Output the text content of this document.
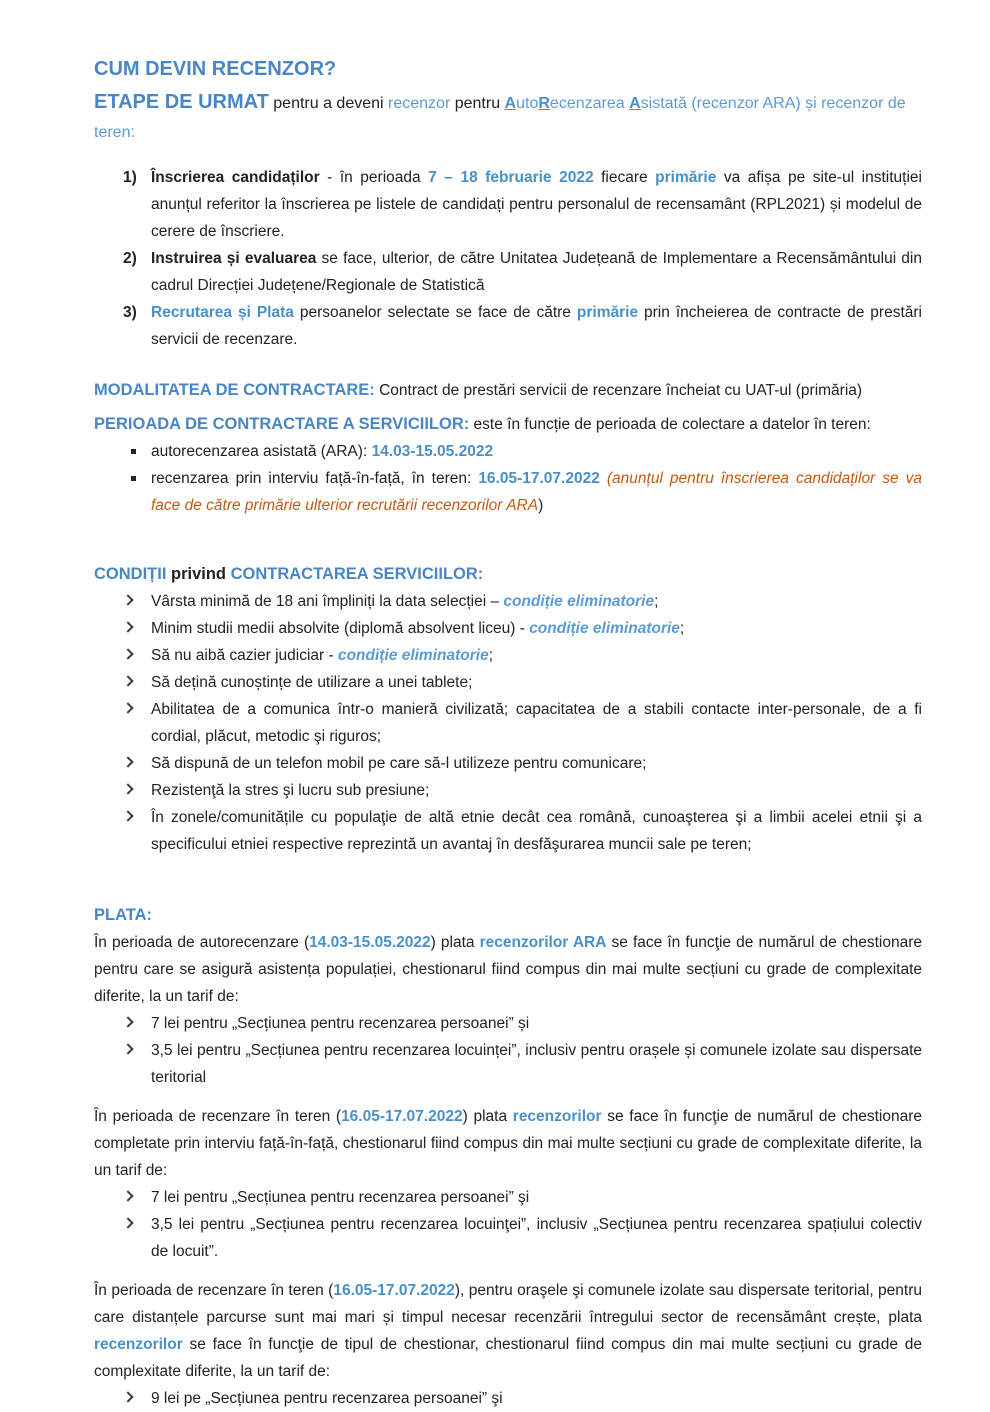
CUM DEVIN RECENZOR?
ETAPE DE URMAT pentru a deveni recenzor pentru AutoRecenzarea Asistată (recenzor ARA) și recenzor de teren:
1) Înscrierea candidaților - în perioada 7 – 18 februarie 2022 fiecare primărie va afișa pe site-ul instituției anunțul referitor la înscrierea pe listele de candidați pentru personalul de recensamânt (RPL2021) și modelul de cerere de înscriere.
2) Instruirea și evaluarea se face, ulterior, de către Unitatea Județeană de Implementare a Recensământului din cadrul Direcției Județene/Regionale de Statistică
3) Recrutarea și Plata persoanelor selectate se face de către primărie prin încheierea de contracte de prestări servicii de recenzare.
MODALITATEA DE CONTRACTARE: Contract de prestări servicii de recenzare încheiat cu UAT-ul (primăria)
PERIOADA DE CONTRACTARE A SERVICIILOR: este în funcție de perioada de colectare a datelor în teren:
autorecenzarea asistată (ARA): 14.03-15.05.2022
recenzarea prin interviu față-în-față, în teren: 16.05-17.07.2022 (anunțul pentru înscrierea candidaților se va face de către primărie ulterior recrutării recenzorilor ARA)
CONDIȚII privind CONTRACTAREA SERVICIILOR:
Vârsta minimă de 18 ani împliniți la data selecției – condiție eliminatorie;
Minim studii medii absolvite (diplomă absolvent liceu) - condiție eliminatorie;
Să nu aibă cazier judiciar - condiție eliminatorie;
Să dețină cunoștințe de utilizare a unei tablete;
Abilitatea de a comunica într-o manieră civilizată; capacitatea de a stabili contacte inter-personale, de a fi cordial, plăcut, metodic şi riguros;
Să dispună de un telefon mobil pe care să-l utilizeze pentru comunicare;
Rezistenţă la stres şi lucru sub presiune;
În zonele/comunitățile cu populaţie de altă etnie decât cea română, cunoaşterea şi a limbii acelei etnii şi a specificului etniei respective reprezintă un avantaj în desfăşurarea muncii sale pe teren;
PLATA:
În perioada de autorecenzare (14.03-15.05.2022) plata recenzorilor ARA se face în funcţie de numărul de chestionare pentru care se asigură asistența populației, chestionarul fiind compus din mai multe secțiuni cu grade de complexitate diferite, la un tarif de:
7 lei pentru „Secțiunea pentru recenzarea persoanei” și
3,5 lei pentru „Secțiunea pentru recenzarea locuinței”, inclusiv pentru orașele și comunele izolate sau dispersate teritorial
În perioada de recenzare în teren (16.05-17.07.2022) plata recenzorilor se face în funcţie de numărul de chestionare completate prin interviu față-în-față, chestionarul fiind compus din mai multe secțiuni cu grade de complexitate diferite, la un tarif de:
7 lei pentru „Secțiunea pentru recenzarea persoanei” şi
3,5 lei pentru „Secțiunea pentru recenzarea locuinţei”, inclusiv „Secțiunea pentru recenzarea spațiului colectiv de locuit”.
În perioada de recenzare în teren (16.05-17.07.2022), pentru oraşele şi comunele izolate sau dispersate teritorial, pentru care distanțele parcurse sunt mai mari și timpul necesar recenzării întregului sector de recensământ crește, plata recenzorilor se face în funcţie de tipul de chestionar, chestionarul fiind compus din mai multe secțiuni cu grade de complexitate diferite, la un tarif de:
9 lei pe „Secțiunea pentru recenzarea persoanei” şi
